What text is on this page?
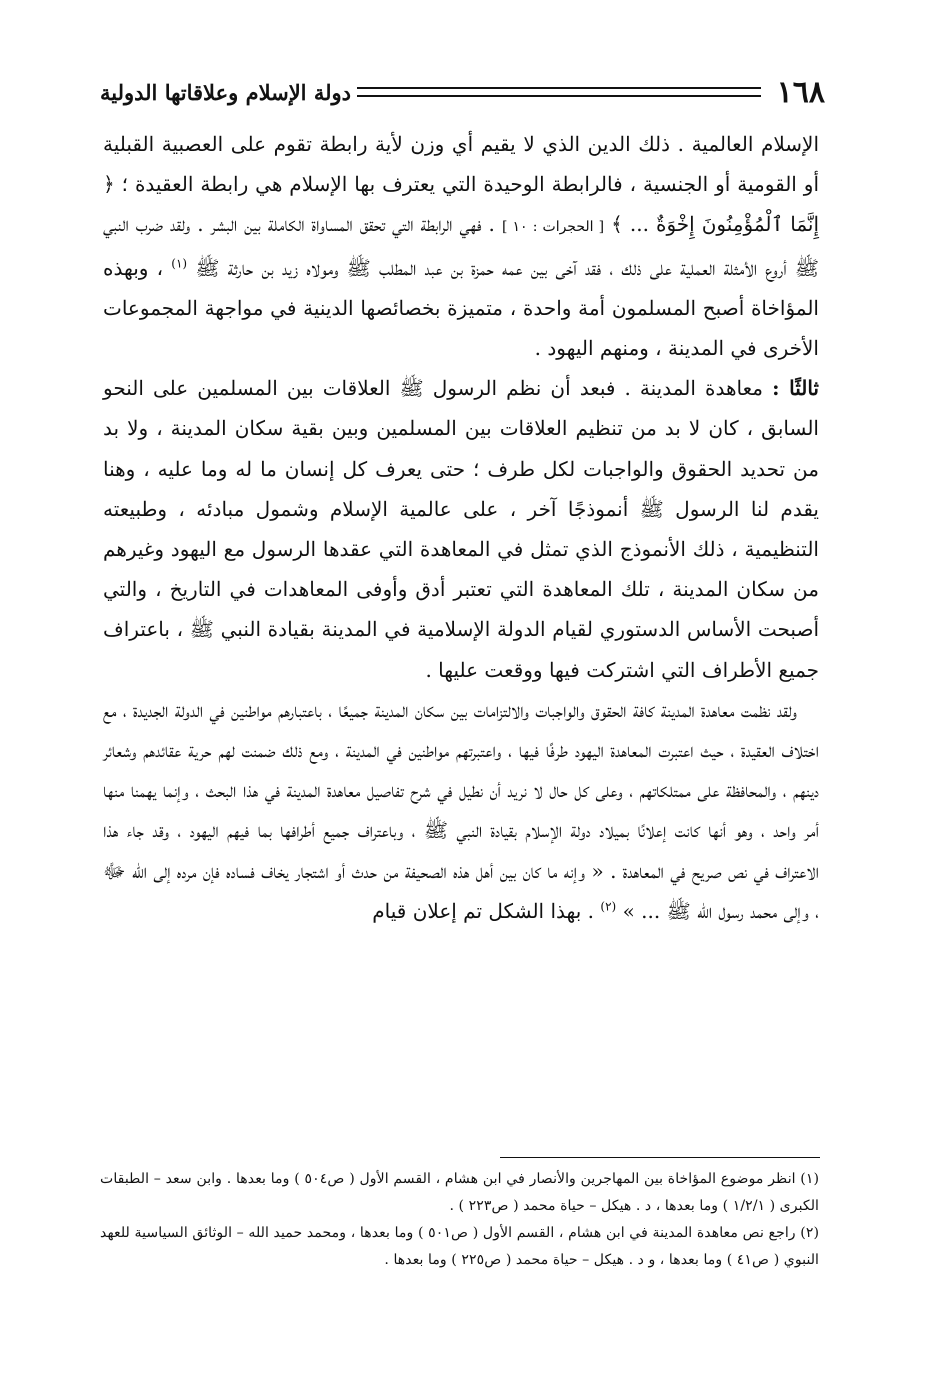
١٦٨
دولة الإسلام وعلاقاتها الدولية

الإسلام العالمية . ذلك الدين الذي لا يقيم أي وزن لأية رابطة تقوم على العصبية القبلية أو القومية أو الجنسية ، فالرابطة الوحيدة التي يعترف بها الإسلام هي رابطة العقيدة ؛ ﴿ إِنَّمَا ٱلْمُؤْمِنُونَ إِخْوَةٌ ... ﴾ [ الحجرات : ١٠ ] . فهي الرابطة التي تحقق المساواة الكاملة بين البشر . ولقد ضرب النبي ﷺ أروع الأمثلة العملية على ذلك ، فقد آخى بين عمه حمزة بن عبد المطلب ﷺ ومولاه زيد بن حارثة ﷺ $^{(١)}$ ، وبهذه المؤاخاة أصبح المسلمون أمة واحدة ، متميزة بخصائصها الدينية في مواجهة المجموعات الأخرى في المدينة ، ومنهم اليهود .

ثالثًا : معاهدة المدينة . فبعد أن نظم الرسول ﷺ العلاقات بين المسلمين على النحو السابق ، كان لا بد من تنظيم العلاقات بين المسلمين وبين بقية سكان المدينة ، ولا بد من تحديد الحقوق والواجبات لكل طرف ؛ حتى يعرف كل إنسان ما له وما عليه ، وهنا يقدم لنا الرسول ﷺ أنموذجًا آخر ، على عالمية الإسلام وشمول مبادئه ، وطبيعته التنظيمية ، ذلك الأنموذج الذي تمثل في المعاهدة التي عقدها الرسول مع اليهود وغيرهم من سكان المدينة ، تلك المعاهدة التي تعتبر أدق وأوفى المعاهدات في التاريخ ، والتي أصبحت الأساس الدستوري لقيام الدولة الإسلامية في المدينة بقيادة النبي ﷺ ، باعتراف جميع الأطراف التي اشتركت فيها ووقعت عليها .

ولقد نظمت معاهدة المدينة كافة الحقوق والواجبات والالتزامات بين سكان المدينة جميعًا ، باعتبارهم مواطنين في الدولة الجديدة ، مع اختلاف العقيدة ، حيث اعتبرت المعاهدة اليهود طرفًا فيها ، واعتبرتهم مواطنين في المدينة ، ومع ذلك ضمنت لهم حرية عقائدهم وشعائر دينهم ، والمحافظة على ممتلكاتهم ، وعلى كل حال لا نريد أن نطيل في شرح تفاصيل معاهدة المدينة في هذا البحث ، وإنما يهمنا منها أمر واحد ، وهو أنها كانت إعلانًا بميلاد دولة الإسلام بقيادة النبي ﷺ ، وباعتراف جميع أطرافها بما فيهم اليهود ، وقد جاء هذا الاعتراف في نص صريح في المعاهدة . « وإنه ما كان بين أهل هذه الصحيفة من حدث أو اشتجار يخاف فساده فإن مرده إلى الله ﷻ ، وإلى محمد رسول الله ﷺ ... » $^{(٢)}$ . بهذا الشكل تم إعلان قيام

(١) انظر موضوع المؤاخاة بين المهاجرين والأنصار في ابن هشام ، القسم الأول ( ص٥٠٤ ) وما بعدها . وابن سعد – الطبقات الكبرى ( ١/٢/١ ) وما بعدها ، د . هيكل – حياة محمد ( ص٢٢٣ ) .

(٢) راجع نص معاهدة المدينة في ابن هشام ، القسم الأول ( ص٥٠١ ) وما بعدها ، ومحمد حميد الله – الوثائق السياسية للعهد النبوي ( ص٤١ ) وما بعدها ، و د . هيكل – حياة محمد ( ص٢٢٥ ) وما بعدها .
